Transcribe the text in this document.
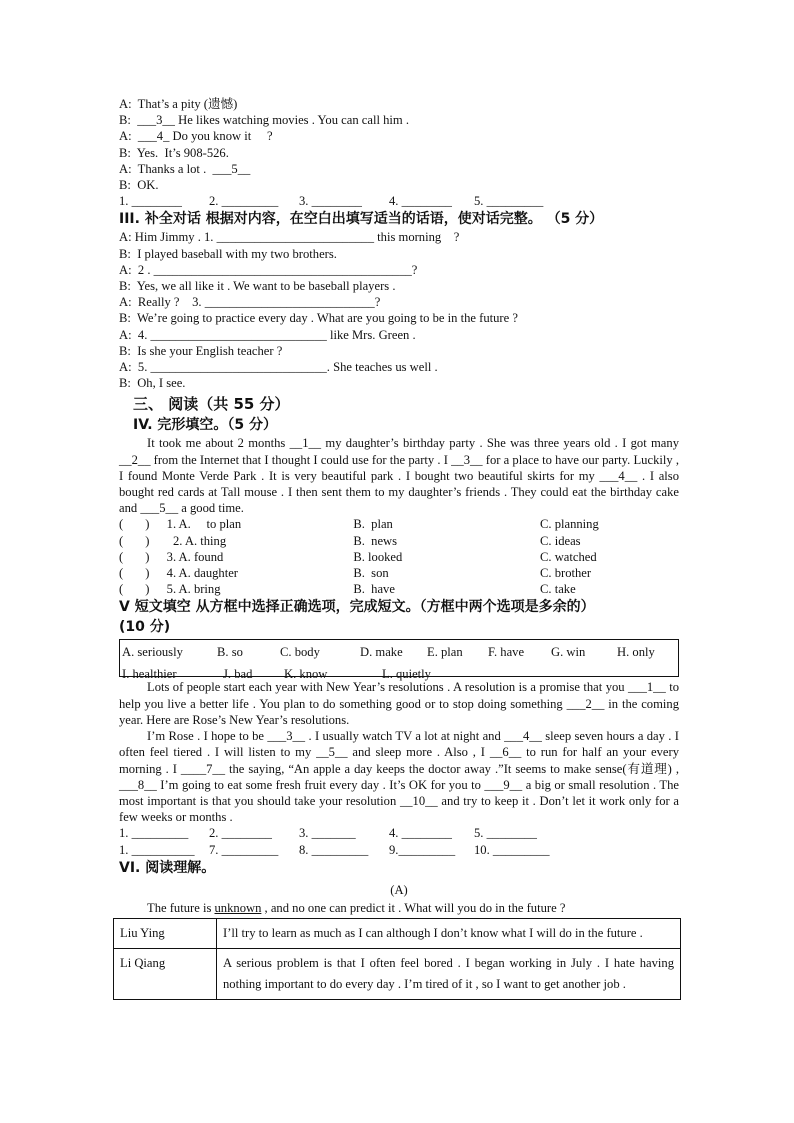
A:  That’s a pity (遗憾)
B:  ___3__ He likes watching movies . You can call him .
A:  ___4_ Do you know it     ?
B:  Yes.  It’s 908-526.
A:  Thanks a lot .  ___5__
B:  OK.
1. ________	2. _________	3. ________	4. ________	5. _________
III. 补全对话 根据对内容，在空白出填写适当的话语，使对话完整。 （5 分）
A: Him Jimmy . 1. _________________________ this morning    ?
B:  I played baseball with my two brothers.
A:  2 . _________________________________________?
B:  Yes, we all like it . We want to be baseball players .
A:  Really ?    3. ___________________________?
B:  We’re going to practice every day . What are you going to be in the future ?
A:  4. ____________________________ like Mrs. Green .
B:  Is she your English teacher ?
A:  5. ____________________________. She teaches us well .
B:  Oh, I see.
三、 阅读（共 55 分）
IV. 完形填空。（5 分）
It took me about 2 months __1__ my daughter’s birthday party . She was three years old . I got many __2__ from the Internet that I thought I could use for the party . I __3__ for a place to have our party. Luckily , I found Monte Verde Park . It is very beautiful park . I bought two beautiful skirts for my ___4__ . I also bought red cards at Tall mouse . I then sent them to my daughter’s friends . They could eat the birthday cake and ___5__ a good time.
(       )	1. A.     to plan	B.  plan	C. planning
(       )	2. A. thing	B.  news	C. ideas
(       )	3. A. found	B. looked	C. watched
(       )	4. A. daughter	B.  son	C. brother
(       )	5. A. bring	B.  have	C. take
V 短文填空 从方框中选择正确选项，完成短文。（方框中两个选项是多余的）
(10 分)
A. seriously	B. so	C. body	D. make E. plan F. have G. win	H. only
I. healthier	J. bad	K. know	L. quietly
Lots of people start each year with New Year’s resolutions . A resolution is a promise that you ___1__ to help you live a better life . You plan to do something good or to stop doing something ___2__ in the coming year. Here are Rose’s New Year’s resolutions.
I’m Rose . I hope to be ___3__ . I usually watch TV a lot at night and ___4__ sleep seven hours a day . I often feel tiered . I will listen to my __5__ and sleep more . Also , I __6__ to run for half an your every morning . I ____7__ the saying, “An apple a day keeps the doctor away .”It seems to make sense(有道理) , ___8__ I’m going to eat some fresh fruit every day . It’s OK for you to ___9__ a big or small resolution . The most important is that you should take your resolution __10__ and try to keep it . Don’t let it work only for a few weeks or months .
1. _________	2. ________	3. _______	4. ________	5. ________
1. __________	7. _________	8. _________	9._________	10. _________
VI. 阅读理解。
(A)
The future is unknown , and no one can predict it . What will you do in the future ?
Liu Ying	I’ll try to learn as much as I can although I don’t know what I will do in the future .
Li Qiang	A serious problem is that I often feel bored . I began working in July . I hate having nothing important to do every day . I’m tired of it , so I want to get another job .
